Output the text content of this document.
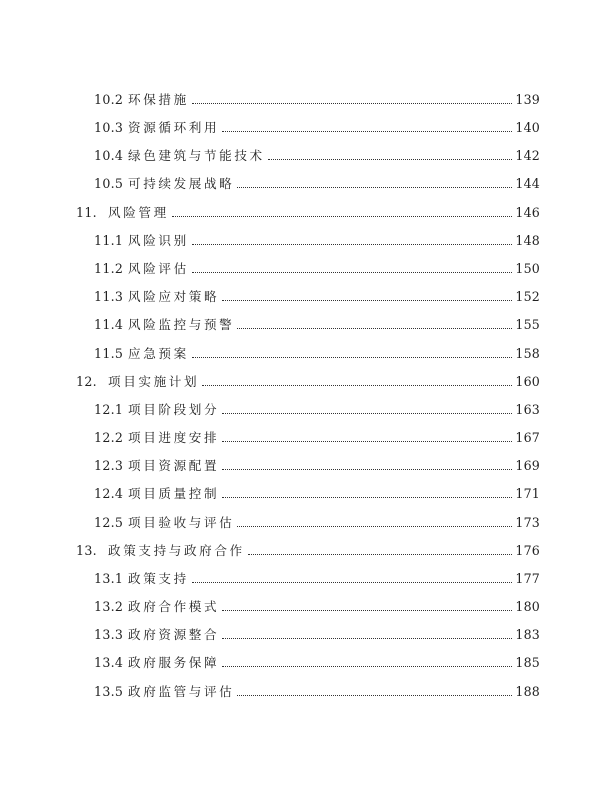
10.2 环保措施	139
10.3 资源循环利用	140
10.4 绿色建筑与节能技术	142
10.5 可持续发展战略	144
11. 风险管理	146
11.1 风险识别	148
11.2 风险评估	150
11.3 风险应对策略	152
11.4 风险监控与预警	155
11.5 应急预案	158
12. 项目实施计划	160
12.1 项目阶段划分	163
12.2 项目进度安排	167
12.3 项目资源配置	169
12.4 项目质量控制	171
12.5 项目验收与评估	173
13. 政策支持与政府合作	176
13.1 政策支持	177
13.2 政府合作模式	180
13.3 政府资源整合	183
13.4 政府服务保障	185
13.5 政府监管与评估	188
